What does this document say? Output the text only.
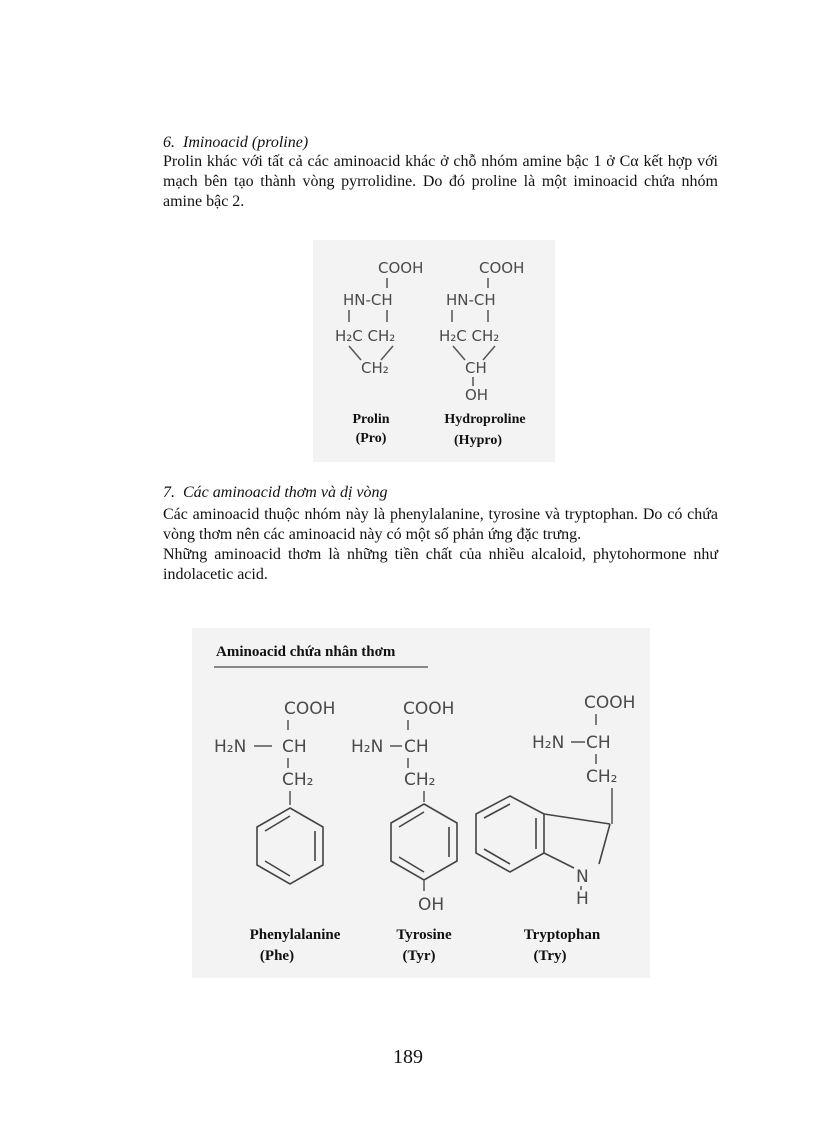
6.  Iminoacid (proline)

Prolin khác với tất cả các aminoacid khác ở chỗ nhóm amine bậc 1 ở Cα kết hợp với mạch bên tạo thành vòng pyrrolidine. Do đó proline là một iminoacid chứa nhóm amine bậc 2.

COOH
HN-CH
H₂C CH₂
CH₂
Prolin
(Pro)
COOH
HN-CH
H₂C CH₂
CH
OH
Hydroproline
(Hypro)
7.  Các aminoacid thơm và dị vòng

Các aminoacid thuộc nhóm này là phenylalanine, tyrosine và tryptophan. Do có chứa vòng thơm nên các aminoacid này có một số phản ứng đặc trưng.

Những aminoacid thơm là những tiền chất của nhiều alcaloid, phytohormone như indolacetic acid.

Aminoacid chứa nhân thơm
COOH
H₂N CH
CH₂
Phenylalanine
(Phe)
COOH
H₂N CH
CH₂
OH
Tyrosine
(Tyr)
COOH
H₂N CH
CH₂
N
H
Tryptophan
(Try)
189
